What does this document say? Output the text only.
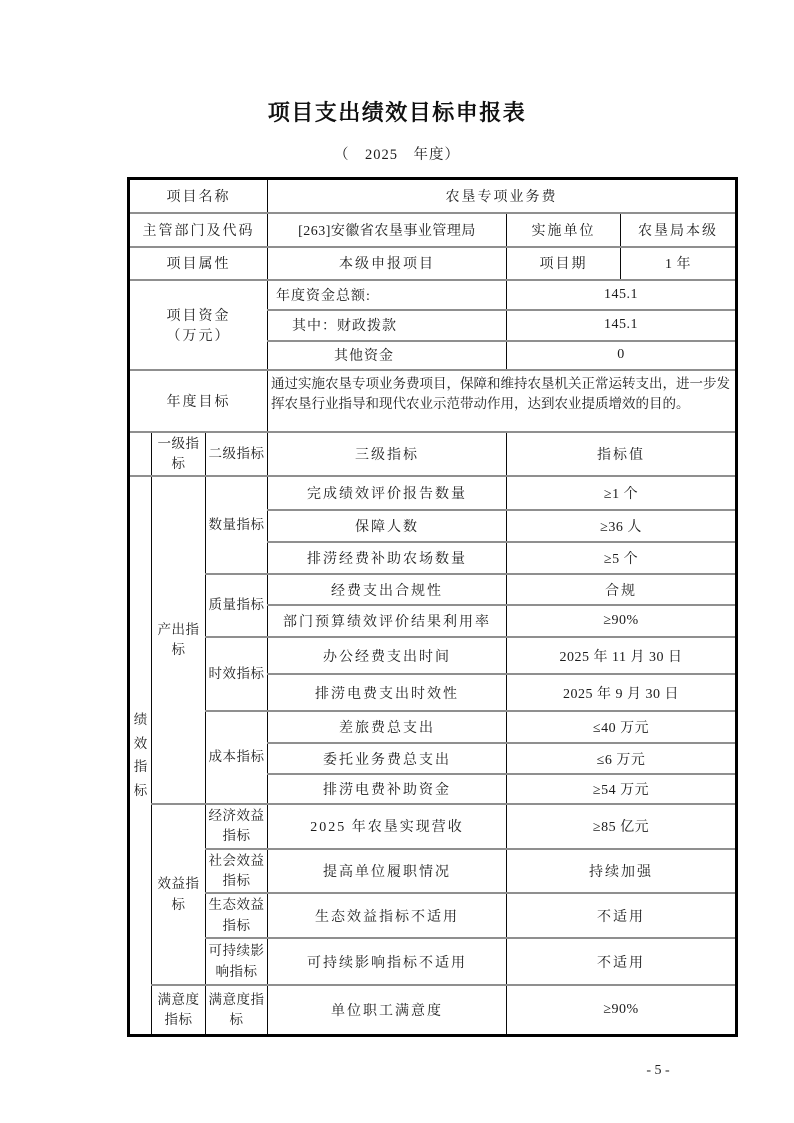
项目支出绩效目标申报表
（　2025　年度）
项目名称			农垦专项业务费		
主管部门及代码			[263]安徽省农垦事业管理局	实施单位	农垦局本级
项目属性			本级申报项目	项目期	1 年

项目资金
（万元）			年度资金总额:	145.1	
			其中：财政拨款	145.1	
			其他资金	0	
年度目标			通过实施农垦专项业务费项目，保障和维持农垦机关正常运转支出，进一步发挥农垦行业指导和现代农业示范带动作用，达到农业提质增效的目的。		
	一级指标	二级指标	三级指标	指标值	
绩效指标	产出指标	数量指标	完成绩效评价报告数量	≥1 个	
			保障人数	≥36 人	
			排涝经费补助农场数量	≥5 个	
		质量指标	经费支出合规性	合规	
			部门预算绩效评价结果利用率	≥90%	
		时效指标	办公经费支出时间	2025 年 11 月 30 日	
			排涝电费支出时效性	2025 年 9 月 30 日	
		成本指标	差旅费总支出	≤40 万元	
			委托业务费总支出	≤6 万元	
			排涝电费补助资金	≥54 万元	
	效益指标	经济效益指标	2025 年农垦实现营收	≥85 亿元	
		社会效益指标	提高单位履职情况	持续加强	
		生态效益指标	生态效益指标不适用	不适用	
		可持续影响指标	可持续影响指标不适用	不适用	
	满意度指标	满意度指标	单位职工满意度	≥90%	
- 5 -
